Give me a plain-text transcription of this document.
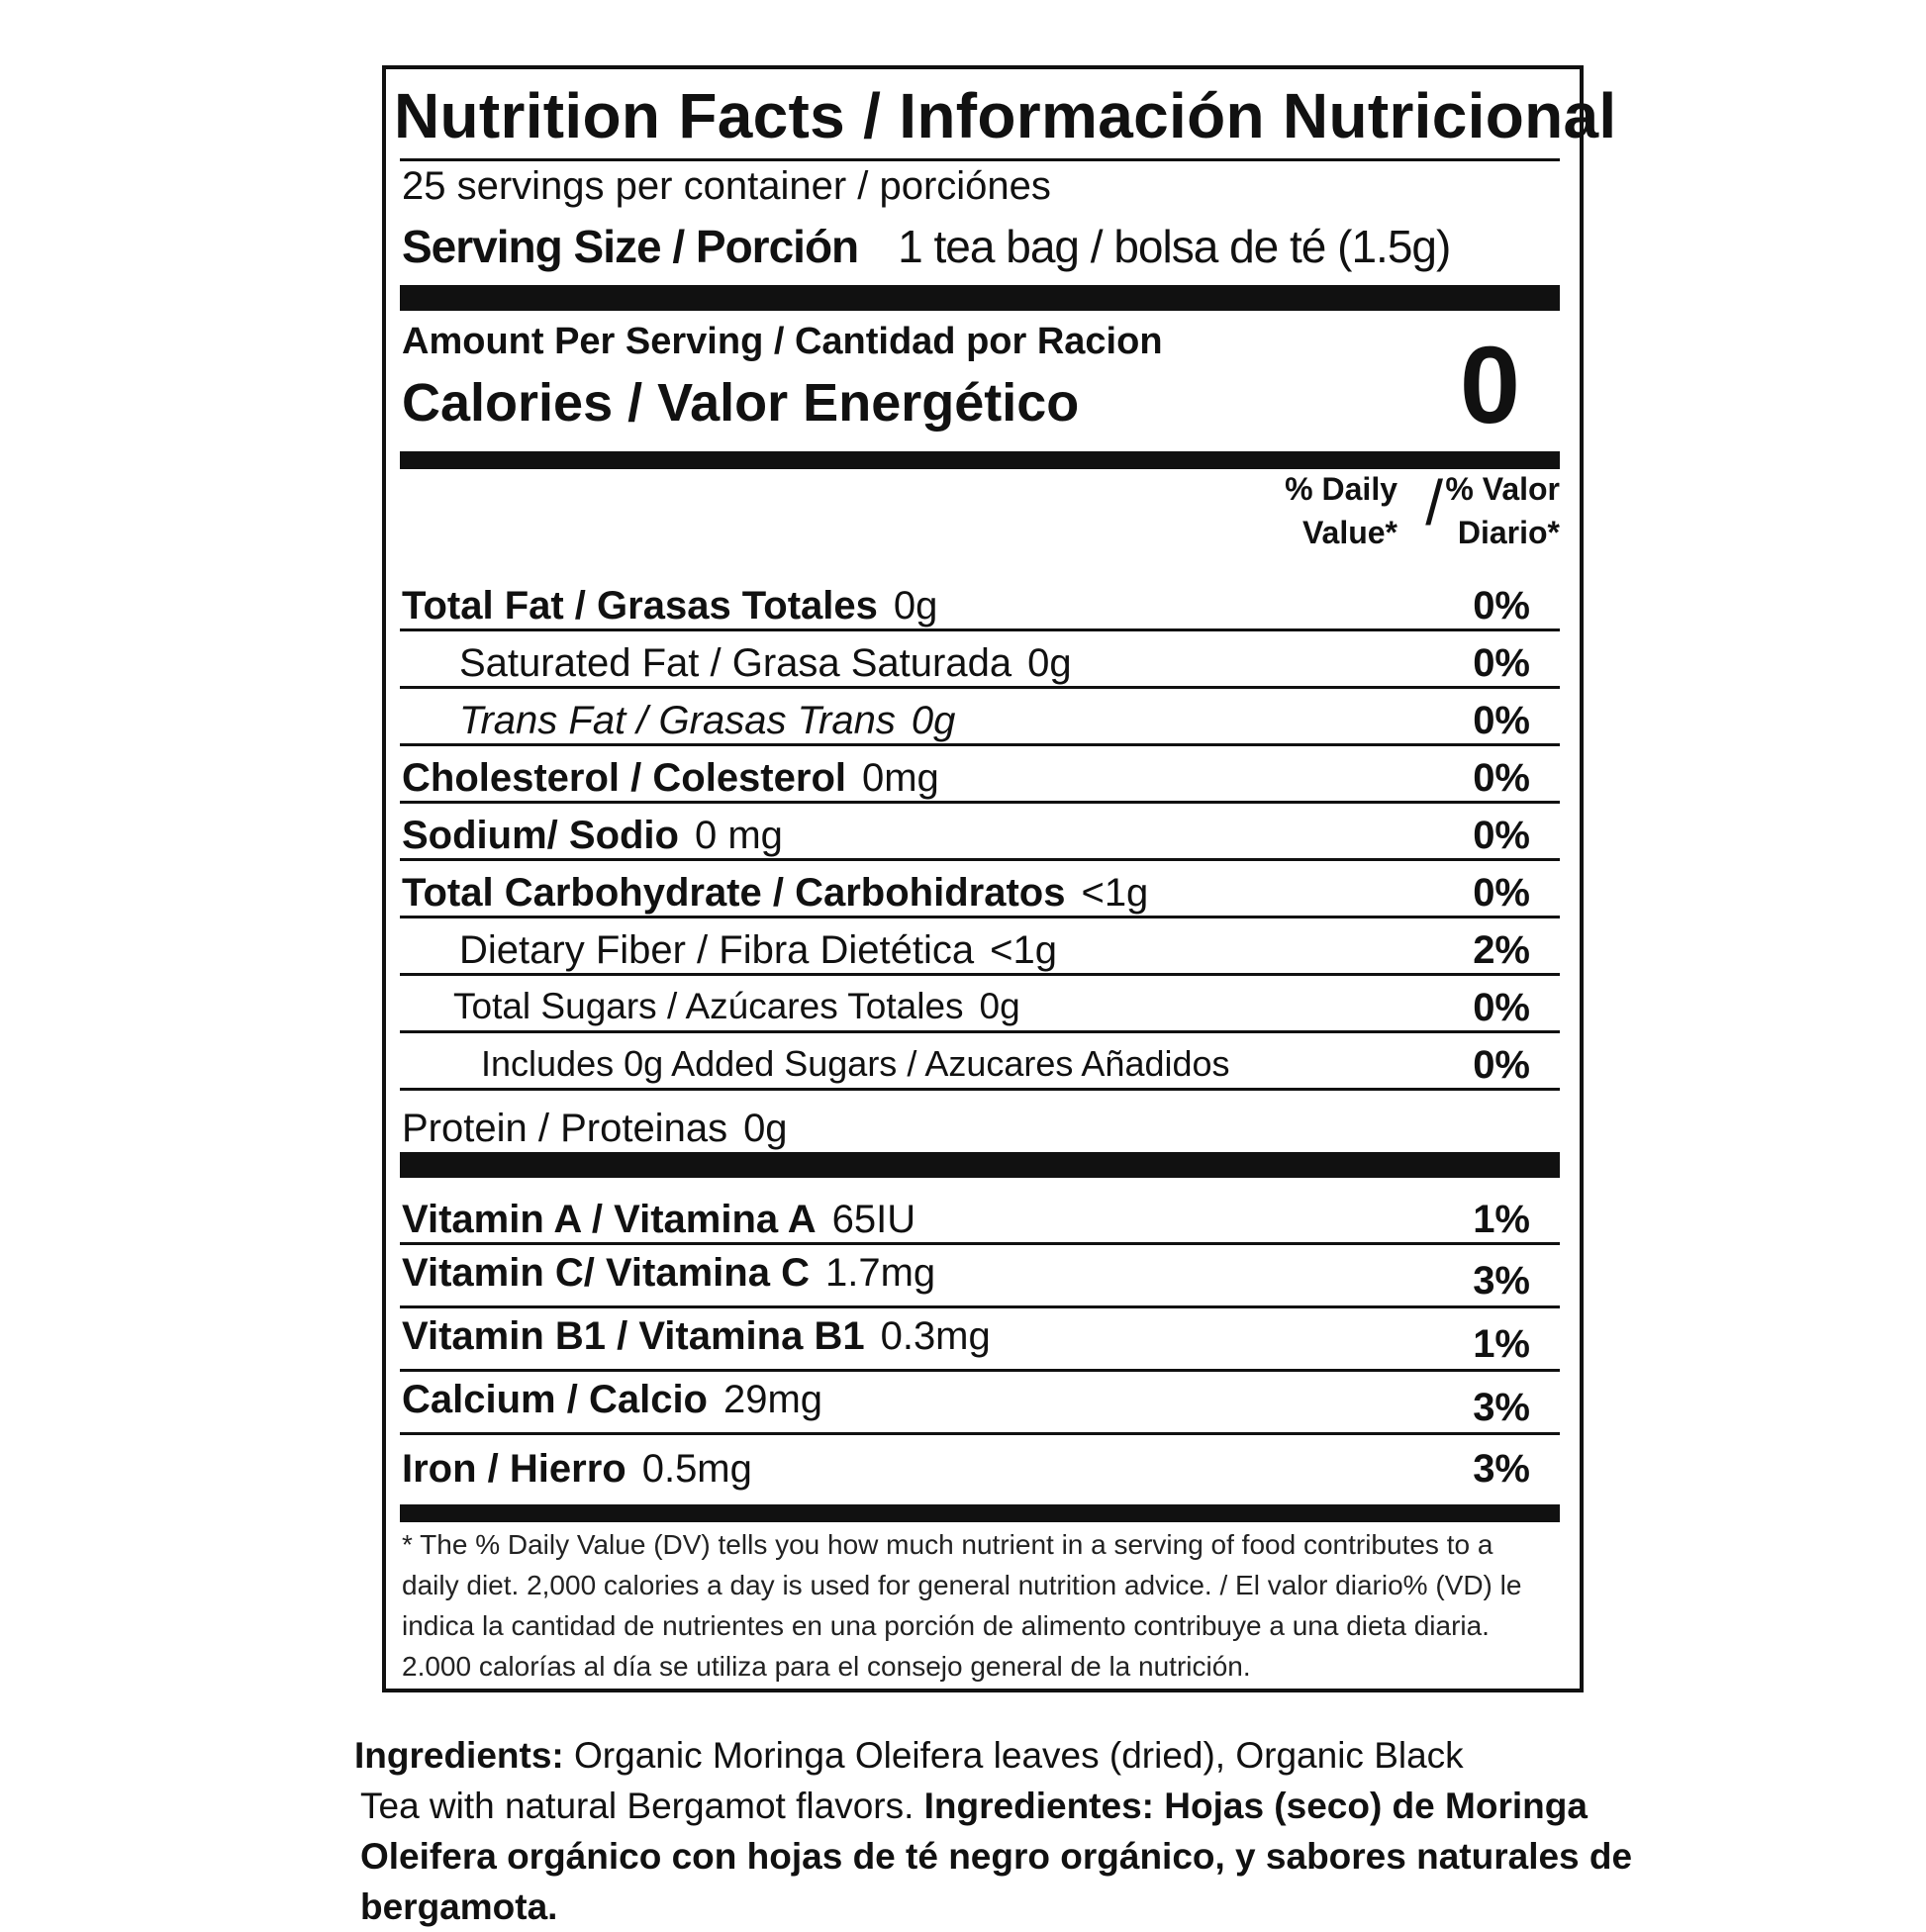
Nutrition Facts / Información Nutricional
25 servings per container / porciónes
Serving Size / Porción 1 tea bag / bolsa de té (1.5g)
Amount Per Serving / Cantidad por Racion
Calories / Valor Energético	0
% Daily
Value* / % Valor
Diario*
Total Fat / Grasas Totales 0g	0%
Saturated Fat / Grasa Saturada 0g	0%
Trans Fat / Grasas Trans 0g	0%
Cholesterol / Colesterol 0mg	0%
Sodium/ Sodio 0 mg	0%
Total Carbohydrate / Carbohidratos <1g	0%
Dietary Fiber / Fibra Dietética <1g	2%
Total Sugars / Azúcares Totales 0g	0%
Includes 0g Added Sugars / Azucares Añadidos	0%
Protein / Proteinas 0g
Vitamin A / Vitamina A 65IU	1%
Vitamin C/ Vitamina C 1.7mg	3%
Vitamin B1 / Vitamina B1 0.3mg	1%
Calcium / Calcio 29mg	3%
Iron / Hierro 0.5mg	3%
* The % Daily Value (DV) tells you how much nutrient in a serving of food contributes to a daily diet. 2,000 calories a day is used for general nutrition advice. / El valor diario% (VD) le indica la cantidad de nutrientes en una porción de alimento contribuye a una dieta diaria. 2.000 calorías al día se utiliza para el consejo general de la nutrición.
Ingredients: Organic Moringa Oleifera leaves (dried), Organic Black
Tea with natural Bergamot flavors. Ingredientes: Hojas (seco) de Moringa
Oleifera orgánico con hojas de té negro orgánico, y sabores naturales de bergamota.
